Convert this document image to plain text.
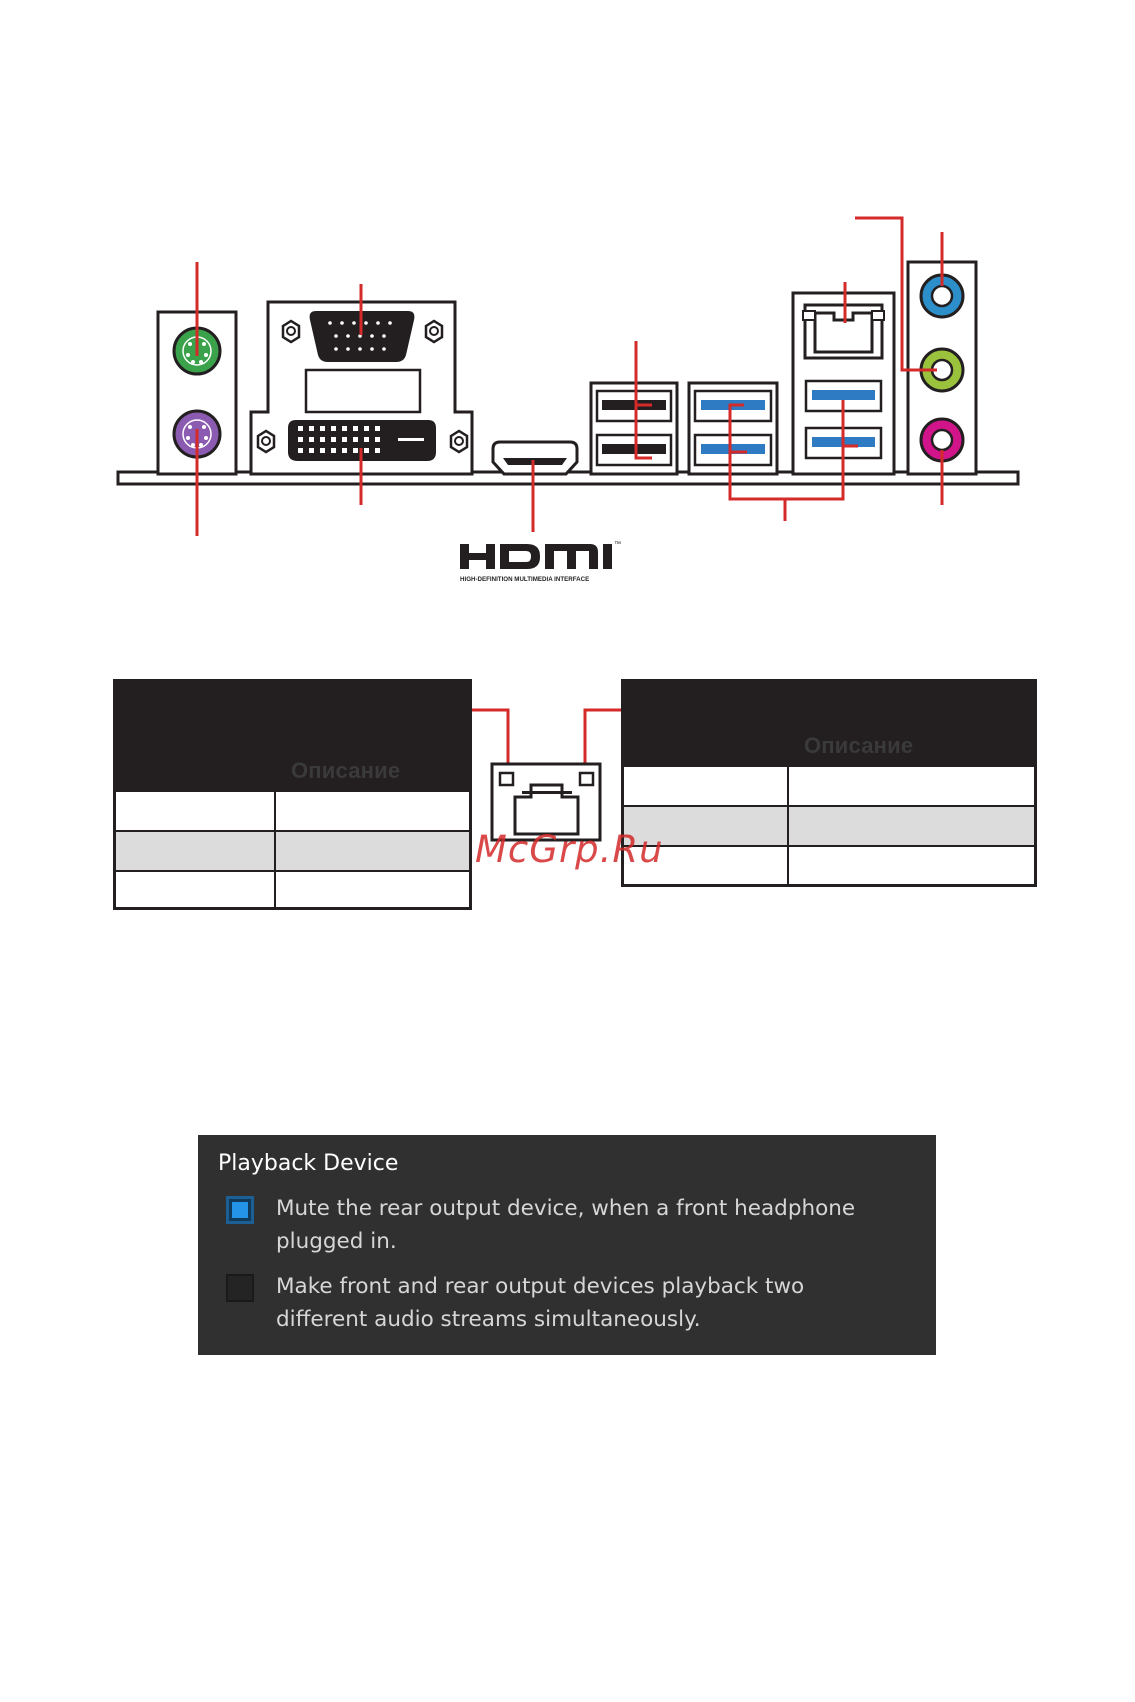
™
HIGH-DEFINITION MULTIMEDIA INTERFACE
Описание
Описание
McGrp.Ru
Playback Device
Mute the rear output device, when a front headphone plugged in.
Make front and rear output devices playback two different audio streams simultaneously.
